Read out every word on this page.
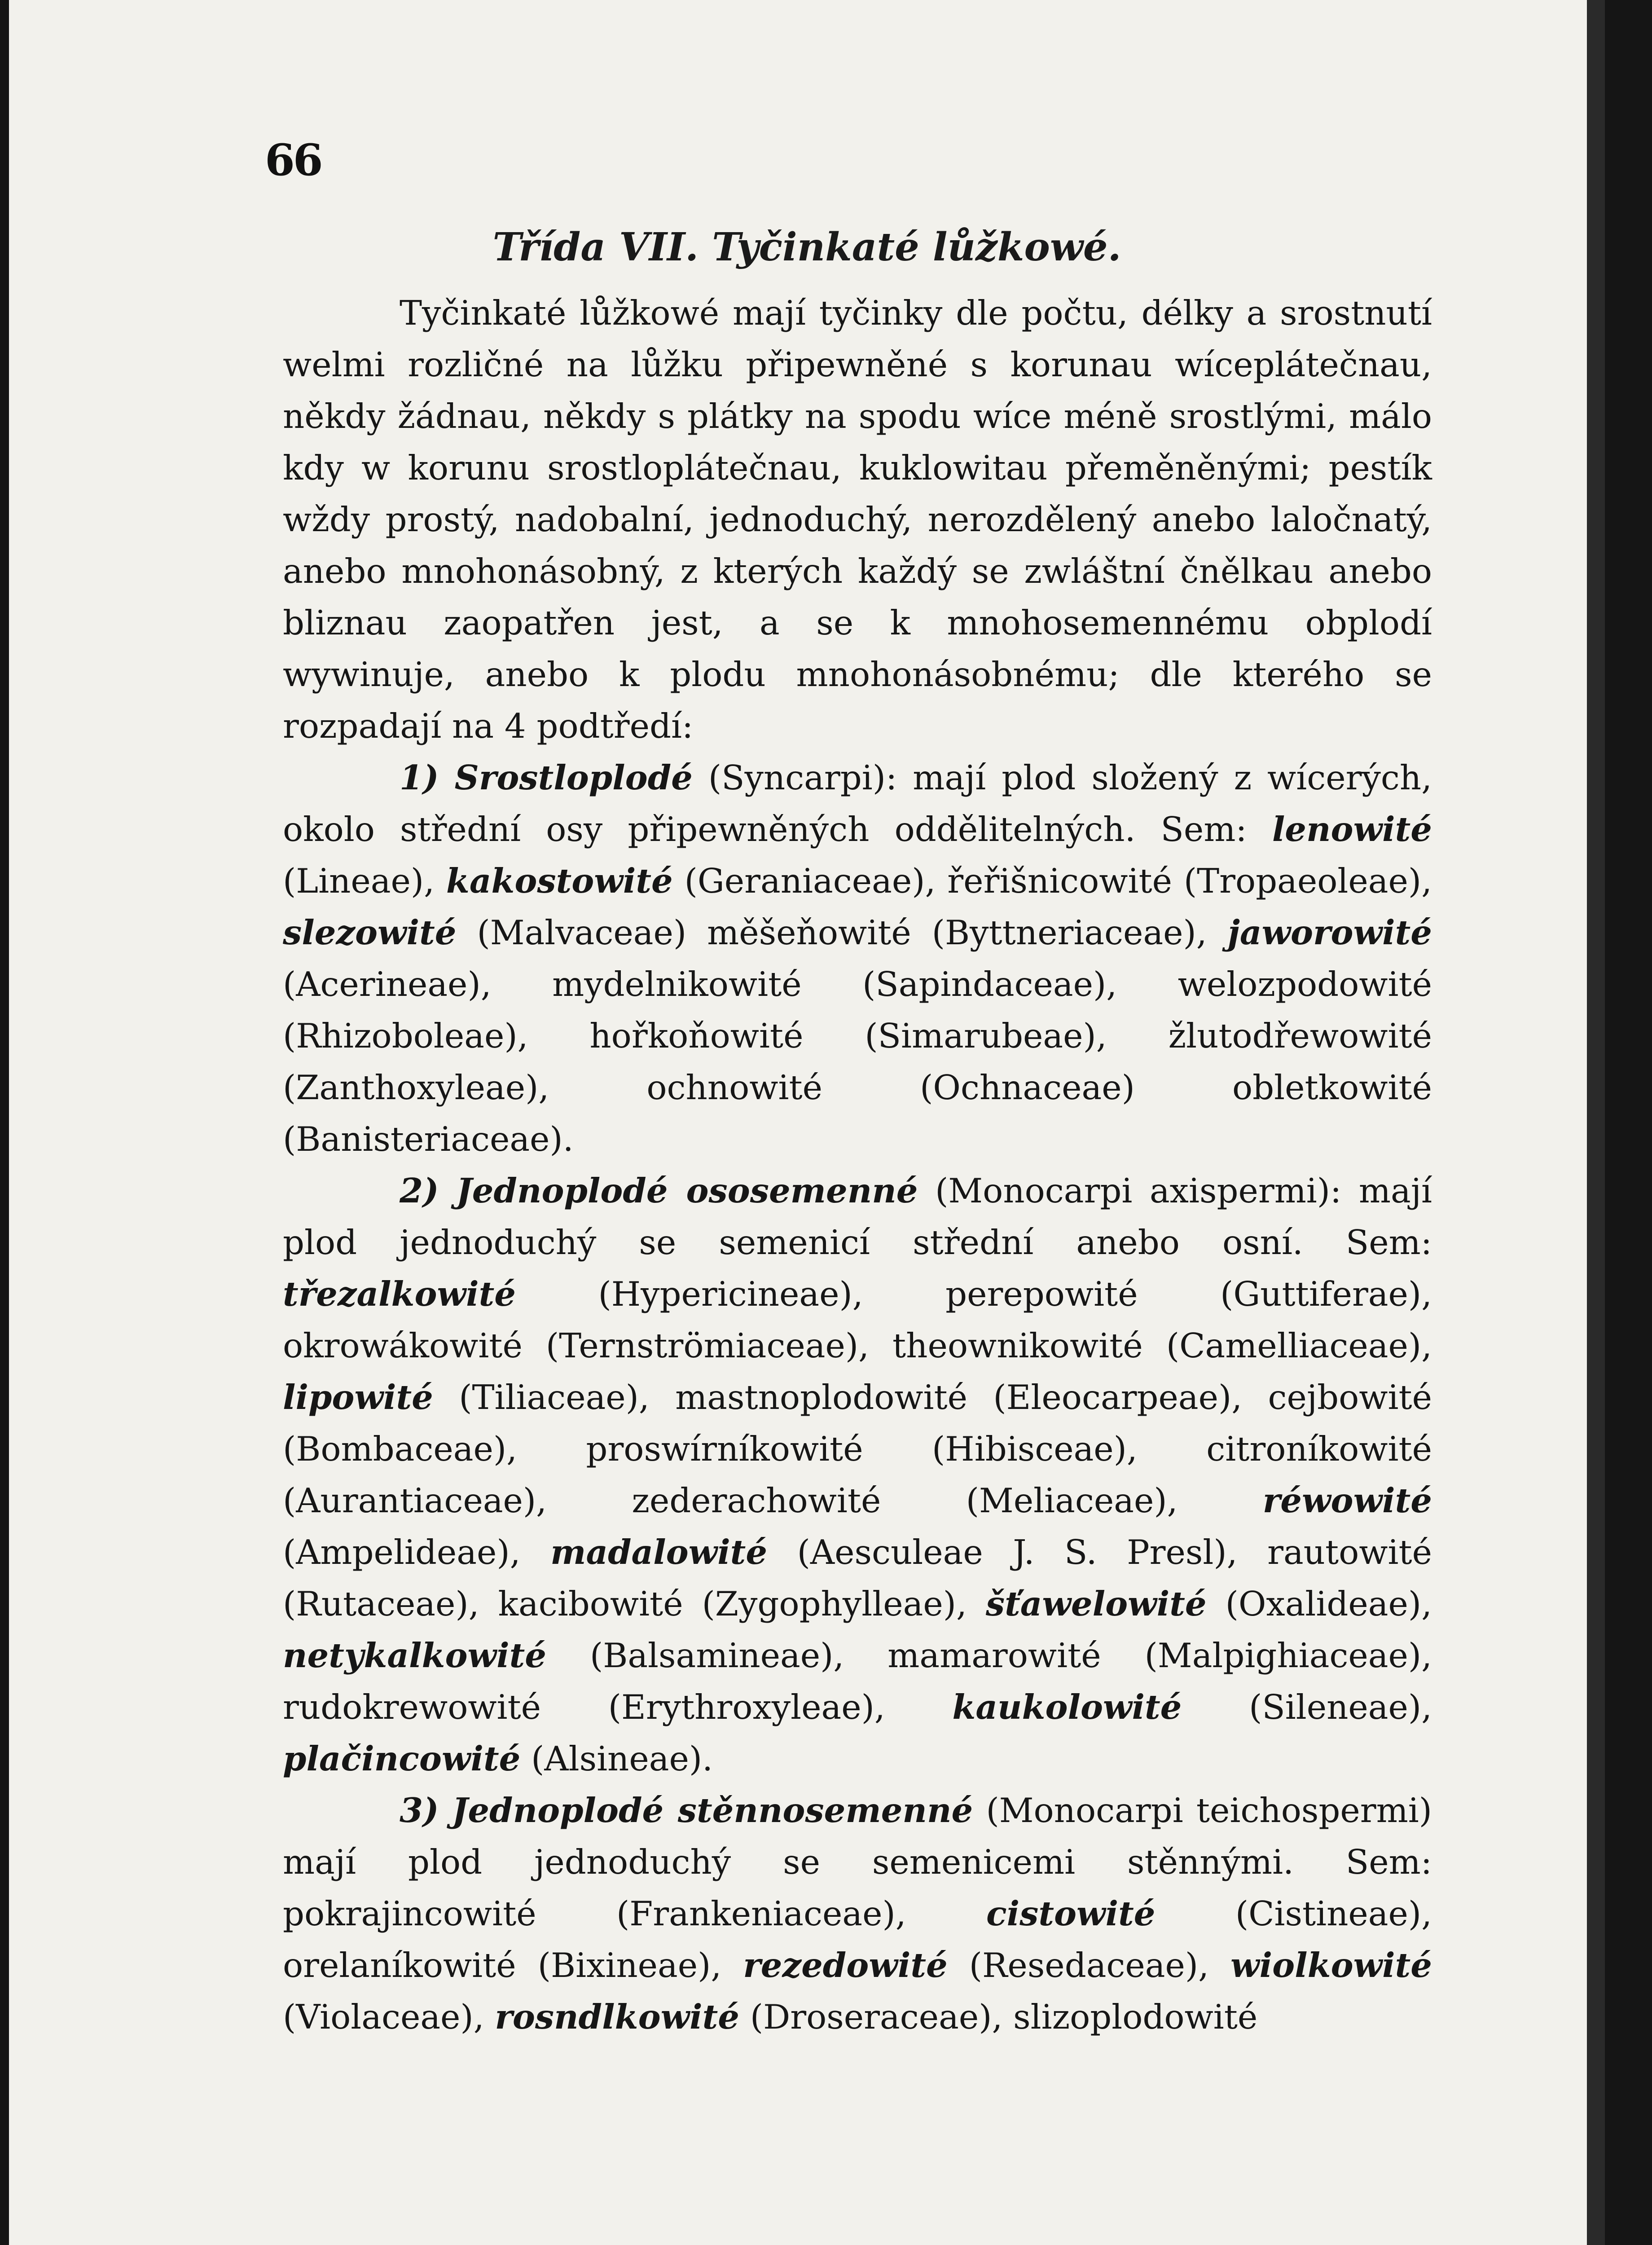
66
Třída VII. Tyčinkaté lůžkowé.

Tyčinkaté lůžkowé mají tyčinky dle počtu, délky a srostnutí welmi rozličné na lůžku připewněné s korunau wíceplátečnau, někdy žádnau, někdy s plátky na spodu wíce méně srostlými, málo kdy w korunu srostloplátečnau, kuklowitau přeměněnými; pestík wždy prostý, nadobalní, jednoduchý, nerozdělený anebo laločnatý, anebo mnohonásobný, z kterých každý se zwláštní čnělkau anebo bliznau zaopatřen jest, a se k mnohosemennému obplodí wywinuje, anebo k plodu mnohonásobnému; dle kterého se rozpadají na 4 podtředí:

1) Srostloplodé (Syncarpi): mají plod složený z wícerých, okolo střední osy připewněných oddělitelných. Sem: lenowité (Lineae), kakostowité (Geraniaceae), řeřišnicowité (Tropaeoleae), slezowité (Malvaceae) měšeňowité (Byttneriaceae), jaworowité (Acerineae), mydelnikowité (Sapindaceae), welozpodowité (Rhizoboleae), hořkoňowité (Simarubeae), žlutodřewowité (Zanthoxyleae), ochnowité (Ochnaceae) obletkowité (Banisteriaceae).

2) Jednoplodé ososemenné (Monocarpi axispermi): mají plod jednoduchý se semenicí střední anebo osní. Sem: třezalkowité (Hypericineae), perepowité (Guttiferae), okrowákowité (Ternströmiaceae), theownikowité (Camelliaceae), lipowité (Tiliaceae), mastnoplodowité (Eleocarpeae), cejbowité (Bombaceae), proswírníkowité (Hibisceae), citroníkowité (Aurantiaceae), zederachowité (Meliaceae), réwowité (Ampelideae), madalowité (Aesculeae J. S. Presl), rautowité (Rutaceae), kacibowité (Zygophylleae), šťawelowité (Oxalideae), netykalkowité (Balsamineae), mamarowité (Malpighiaceae), rudokrewowité (Erythroxyleae), kaukolowité (Sileneae), plačincowité (Alsineae).

3) Jednoplodé stěnnosemenné (Monocarpi teichospermi) mají plod jednoduchý se semenicemi stěnnými. Sem: pokrajincowité (Frankeniaceae), cistowité (Cistineae), orelaníkowité (Bixineae), rezedowité (Resedaceae), wiolkowité (Violaceae), rosndlkowité (Droseraceae), slizoplodowité
